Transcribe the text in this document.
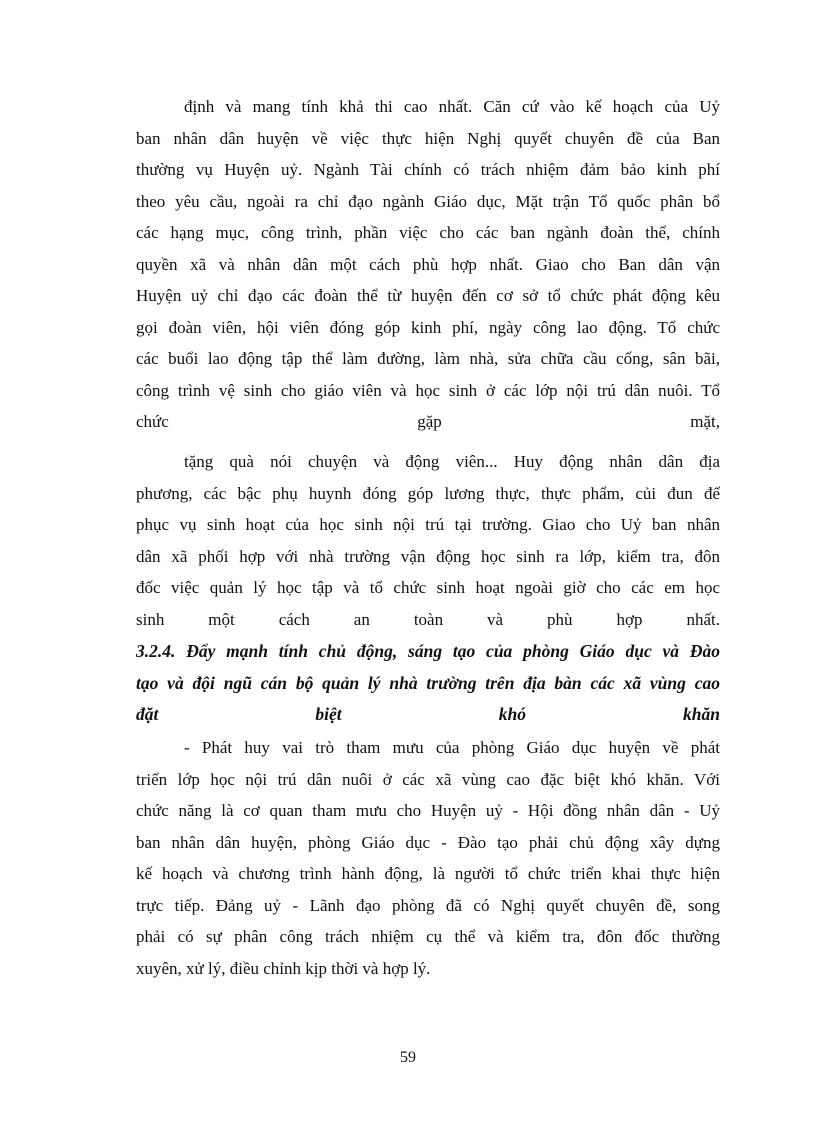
định và mang tính khả thi cao nhất. Căn cứ vào kế hoạch của Uỷ
ban nhân dân huyện về việc thực hiện Nghị quyết chuyên đề của Ban
thường vụ Huyện uỷ. Ngành Tài chính có trách nhiệm đảm bảo kinh phí
theo yêu cầu, ngoài ra chỉ đạo ngành Giáo dục, Mặt trận Tổ quốc phân bổ
các hạng mục, công trình, phần việc cho các ban ngành đoàn thể, chính
quyền xã và nhân dân một cách phù hợp nhất. Giao cho Ban dân vận
Huyện uỷ chỉ đạo các đoàn thể từ huyện đến cơ sở tổ chức phát động kêu
gọi đoàn viên, hội viên đóng góp kinh phí, ngày công lao động. Tổ chức
các buổi lao động tập thể làm đường, làm nhà, sửa chữa cầu cống, sân bãi,
công trình vệ sinh cho giáo viên và học sinh ở các lớp nội trú dân nuôi. Tổ
chức gặp mặt,
tặng quà nói chuyện và động viên... Huy động nhân dân địa
phương, các bậc phụ huynh đóng góp lương thực, thực phẩm, củi đun để
phục vụ sinh hoạt của học sinh nội trú tại trường. Giao cho Uỷ ban nhân
dân xã phối hợp với nhà trường vận động học sinh ra lớp, kiểm tra, đôn
đốc việc quản lý học tập và tổ chức sinh hoạt ngoài giờ cho các em học
sinh một cách an toàn và phù hợp nhất.
3.2.4. Đẩy mạnh tính chủ động, sáng tạo của phòng Giáo dục và Đào
tạo và đội ngũ cán bộ quản lý nhà trường trên địa bàn các xã vùng cao
đặt biệt khó khăn
- Phát huy vai trò tham mưu của phòng Giáo dục huyện về phát
triển lớp học nội trú dân nuôi ở các xã vùng cao đặc biệt khó khăn. Với
chức năng là cơ quan tham mưu cho Huyện uỷ - Hội đồng nhân dân - Uỷ
ban nhân dân huyện, phòng Giáo dục - Đào tạo phải chủ động xây dựng
kế hoạch và chương trình hành động, là người tổ chức triển khai thực hiện
trực tiếp. Đảng uỷ - Lãnh đạo phòng đã có Nghị quyết chuyên đề, song
phải có sự phân công trách nhiệm cụ thể và kiểm tra, đôn đốc thường
xuyên, xử lý, điều chỉnh kịp thời và hợp lý.
59
